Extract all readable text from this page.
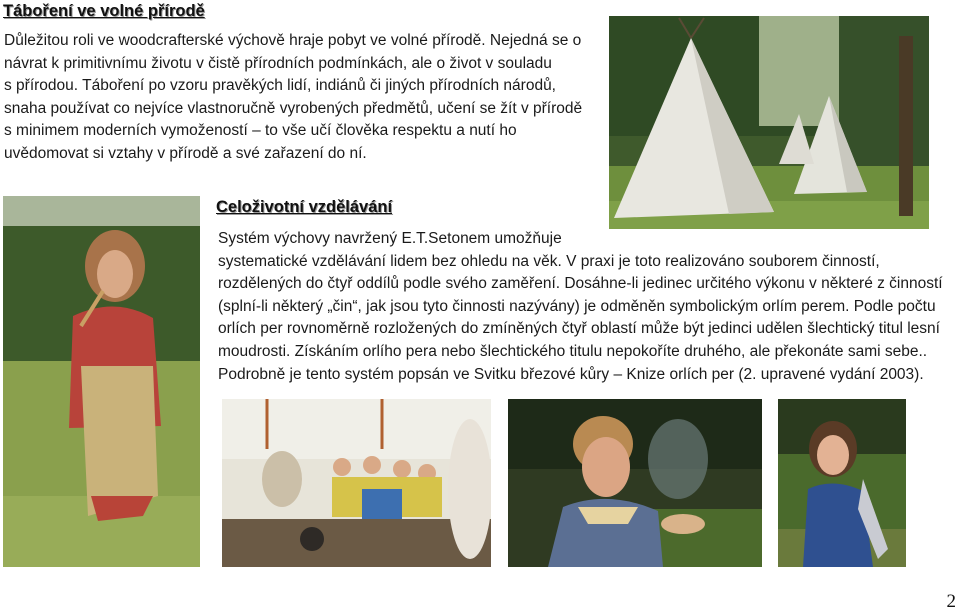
Táboření ve volné přírodě
Důležitou roli ve woodcrafterské výchově hraje pobyt ve volné přírodě. Nejedná se o
návrat k primitivnímu životu v čistě přírodních podmínkách, ale o život v souladu
s přírodou. Táboření po vzoru pravěkých lidí, indiánů či jiných přírodních národů,
snaha používat co nejvíce vlastnoručně vyrobených předmětů, učení se žít v přírodě
s minimem moderních vymožeností – to vše učí člověka respektu a nutí ho
uvědomovat si vztahy v přírodě a své zařazení do ní.
Celoživotní vzdělávání
Systém výchovy navržený E.T.Setonem umožňuje
systematické vzdělávání lidem bez ohledu na věk. V praxi je toto realizováno souborem činností,
rozdělených do čtyř oddílů podle svého zaměření. Dosáhne-li jedinec určitého výkonu v některé z činností
(splní-li některý „čin“, jak jsou tyto činnosti nazývány) je odměněn symbolickým orlím perem. Podle počtu
orlích per rovnoměrně rozložených do zmíněných čtyř oblastí může být jedinci udělen šlechtický titul lesní
moudrosti. Získáním orlího pera nebo šlechtického titulu nepokoříte druhého, ale překonáte sami sebe..
Podrobně je tento systém popsán ve Svitku březové kůry – Knize orlích per (2. upravené vydání 2003).
2
